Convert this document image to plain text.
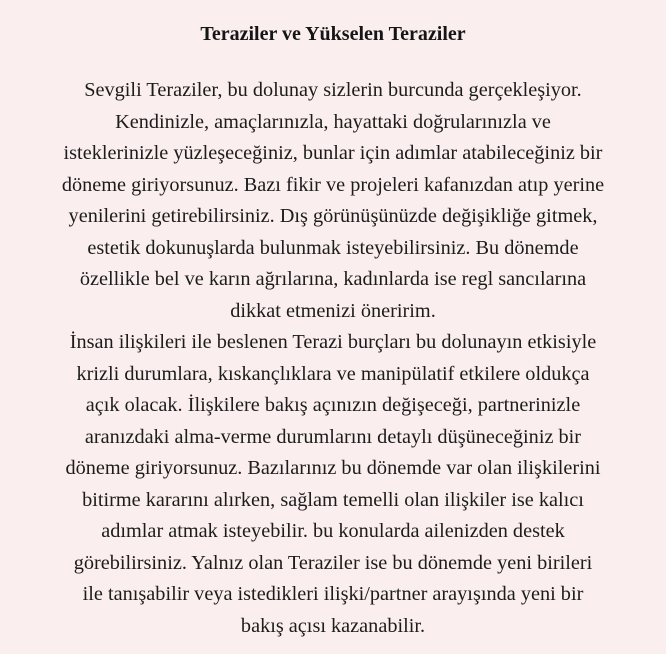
Teraziler ve Yükselen Teraziler

Sevgili Teraziler, bu dolunay sizlerin burcunda gerçekleşiyor.
Kendinizle, amaçlarınızla, hayattaki doğrularınızla ve
isteklerinizle yüzleşeceğiniz, bunlar için adımlar atabileceğiniz bir
döneme giriyorsunuz. Bazı fikir ve projeleri kafanızdan atıp yerine
yenilerini getirebilirsiniz. Dış görünüşünüzde değişikliğe gitmek,
estetik dokunuşlarda bulunmak isteyebilirsiniz. Bu dönemde
özellikle bel ve karın ağrılarına, kadınlarda ise regl sancılarına
dikkat etmenizi öneririm.
İnsan ilişkileri ile beslenen Terazi burçları bu dolunayın etkisiyle
krizli durumlara, kıskançlıklara ve manipülatif etkilere oldukça
açık olacak. İlişkilere bakış açınızın değişeceği, partnerinizle
aranızdaki alma-verme durumlarını detaylı düşüneceğiniz bir
döneme giriyorsunuz. Bazılarınız bu dönemde var olan ilişkilerini
bitirme kararını alırken, sağlam temelli olan ilişkiler ise kalıcı
adımlar atmak isteyebilir. bu konularda ailenizden destek
görebilirsiniz. Yalnız olan Teraziler ise bu dönemde yeni birileri
ile tanışabilir veya istedikleri ilişki/partner arayışında yeni bir
bakış açısı kazanabilir.
